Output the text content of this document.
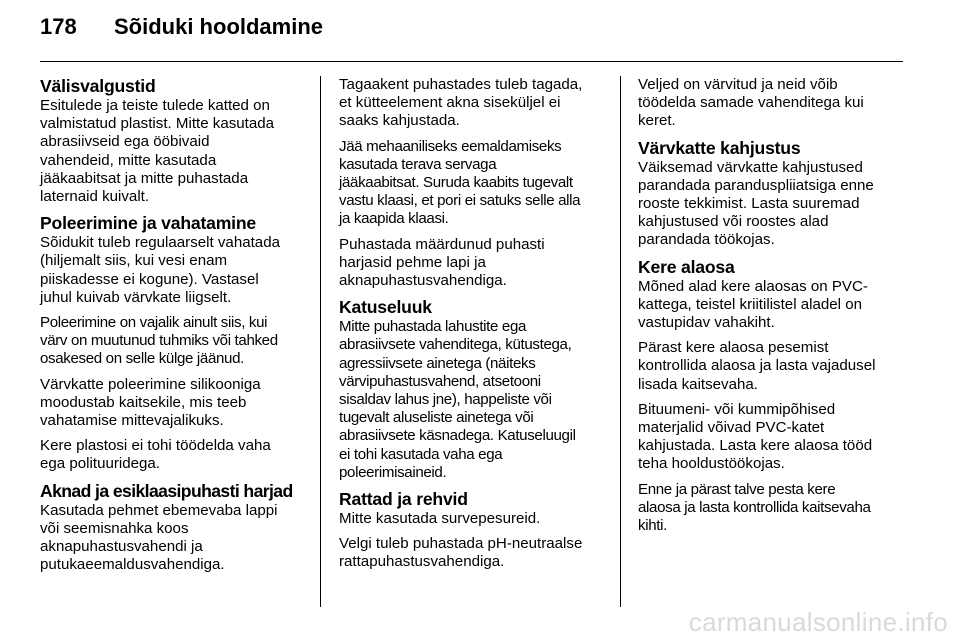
178	Sõiduki hooldamine
Välisvalgustid

Esitulede ja teiste tulede katted on
valmistatud plastist. Mitte kasutada
abrasiivseid ega ööbivaid
vahendeid, mitte kasutada
jääkaabitsat ja mitte puhastada
laternaid kuivalt.

Poleerimine ja vahatamine

Sõidukit tuleb regulaarselt vahatada
(hiljemalt siis, kui vesi enam
piiskadesse ei kogune). Vastasel
juhul kuivab värvkate liigselt.

Poleerimine on vajalik ainult siis, kui
värv on muutunud tuhmiks või tahked
osakesed on selle külge jäänud.

Värvkatte poleerimine silikooniga
moodustab kaitsekile, mis teeb
vahatamise mittevajalikuks.

Kere plastosi ei tohi töödelda vaha
ega polituuridega.

Aknad ja esiklaasipuhasti harjad

Kasutada pehmet ebemevaba lappi
või seemisnahka koos
aknapuhastusvahendi ja
putukaeemaldusvahendiga.

Tagaakent puhastades tuleb tagada,
et kütteelement akna siseküljel ei
saaks kahjustada.

Jää mehaaniliseks eemaldamiseks
kasutada terava servaga
jääkaabitsat. Suruda kaabits tugevalt
vastu klaasi, et pori ei satuks selle alla
ja kaapida klaasi.

Puhastada määrdunud puhasti
harjasid pehme lapi ja
aknapuhastusvahendiga.

Katuseluuk

Mitte puhastada lahustite ega
abrasiivsete vahenditega, kütustega,
agressiivsete ainetega (näiteks
värvipuhastusvahend, atsetooni
sisaldav lahus jne), happeliste või
tugevalt aluseliste ainetega või
abrasiivsete käsnadega. Katuseluugil
ei tohi kasutada vaha ega
poleerimisaineid.

Rattad ja rehvid

Mitte kasutada survepesureid.

Velgi tuleb puhastada pH-neutraalse
rattapuhastusvahendiga.

Veljed on värvitud ja neid võib
töödelda samade vahenditega kui
keret.

Värvkatte kahjustus

Väiksemad värvkatte kahjustused
parandada paranduspliiatsiga enne
rooste tekkimist. Lasta suuremad
kahjustused või roostes alad
parandada töökojas.

Kere alaosa

Mõned alad kere alaosas on PVC-
kattega, teistel kriitilistel aladel on
vastupidav vahakiht.

Pärast kere alaosa pesemist
kontrollida alaosa ja lasta vajadusel
lisada kaitsevaha.

Bituumeni- või kummipõhised
materjalid võivad PVC-katet
kahjustada. Lasta kere alaosa tööd
teha hooldustöökojas.

Enne ja pärast talve pesta kere
alaosa ja lasta kontrollida kaitsevaha
kihti.

carmanualsonline.info
